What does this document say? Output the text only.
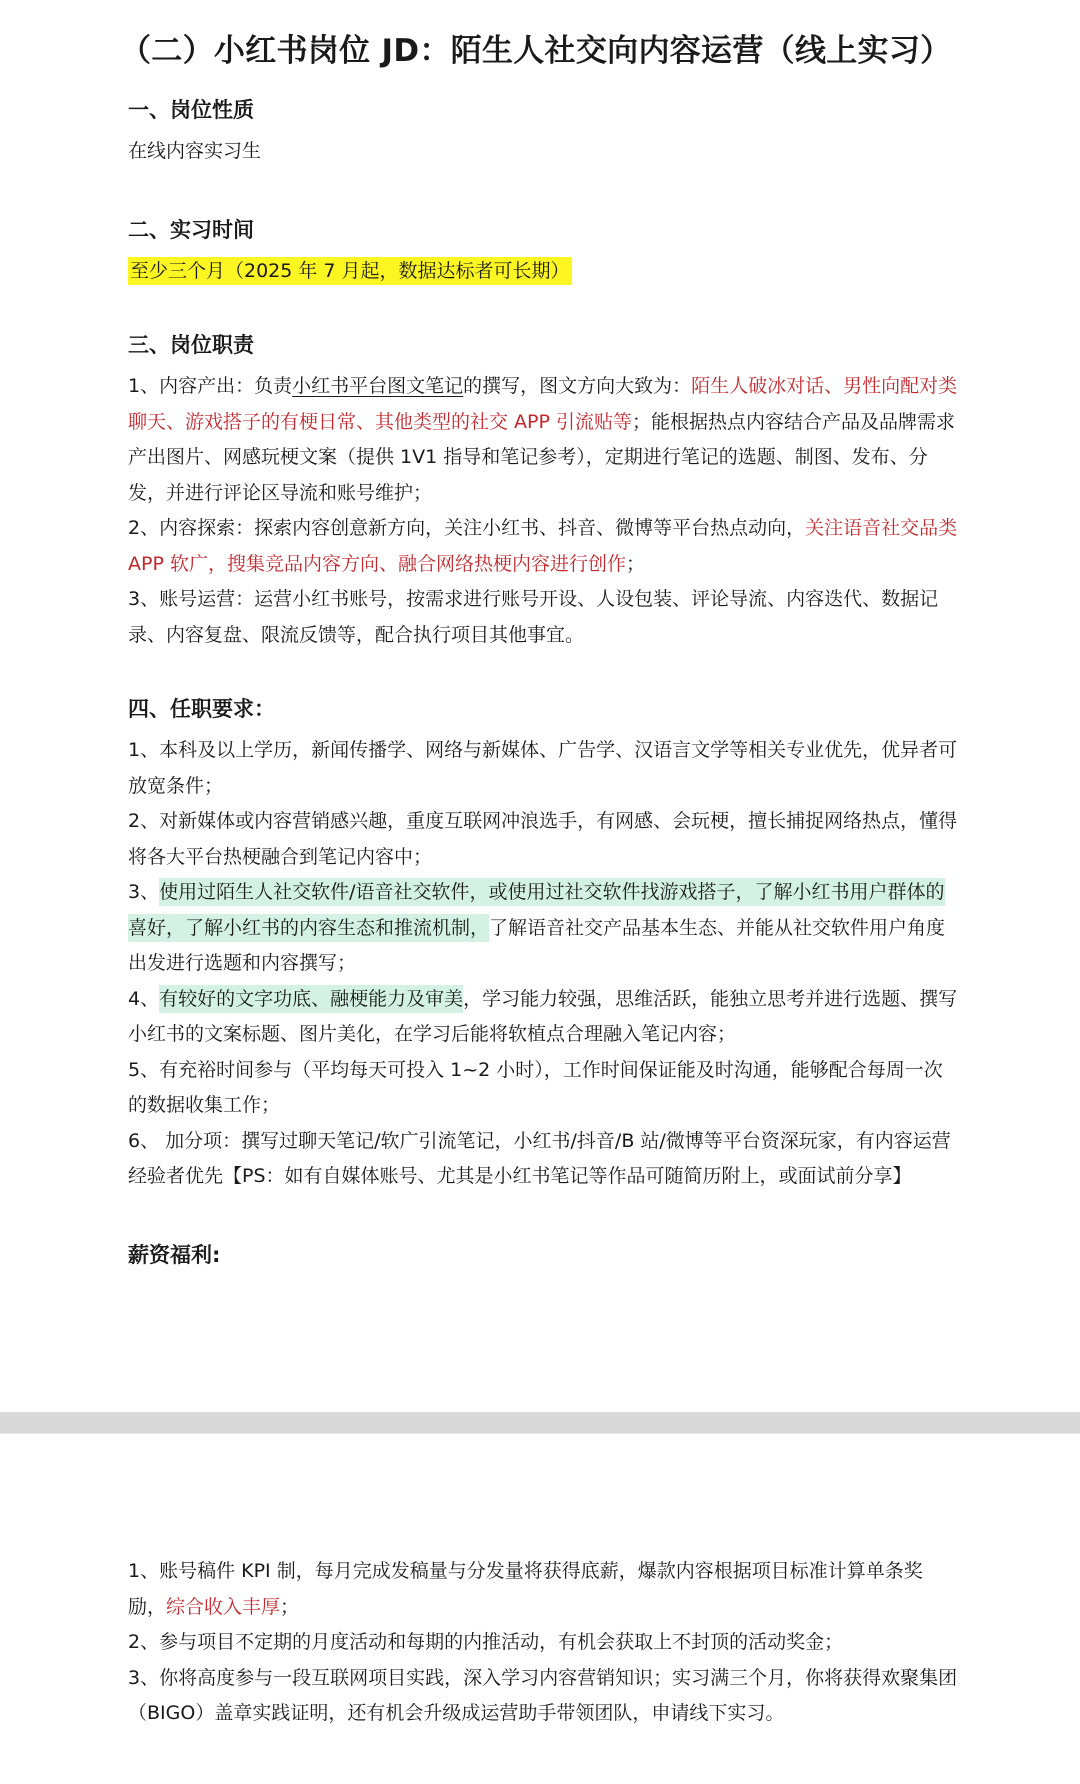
（二）小红书岗位 JD：陌生人社交向内容运营（线上实习）
一、岗位性质

在线内容实习生

二、实习时间

至少三个月（2025 年 7 月起，数据达标者可长期）

三、岗位职责

1、内容产出：负责小红书平台图文笔记的撰写，图文方向大致为：陌生人破冰对话、男性向配对类聊天、游戏搭子的有梗日常、其他类型的社交 APP 引流贴等；能根据热点内容结合产品及品牌需求产出图片、网感玩梗文案（提供 1V1 指导和笔记参考），定期进行笔记的选题、制图、发布、分发，并进行评论区导流和账号维护；

2、内容探索：探索内容创意新方向，关注小红书、抖音、微博等平台热点动向，关注语音社交品类 APP 软广，搜集竞品内容方向、融合网络热梗内容进行创作；

3、账号运营：运营小红书账号，按需求进行账号开设、人设包装、评论导流、内容迭代、数据记录、内容复盘、限流反馈等，配合执行项目其他事宜。

四、任职要求：

1、本科及以上学历，新闻传播学、网络与新媒体、广告学、汉语言文学等相关专业优先，优异者可放宽条件；

2、对新媒体或内容营销感兴趣，重度互联网冲浪选手，有网感、会玩梗，擅长捕捉网络热点，懂得将各大平台热梗融合到笔记内容中；

3、使用过陌生人社交软件/语音社交软件，或使用过社交软件找游戏搭子，了解小红书用户群体的喜好，了解小红书的内容生态和推流机制，了解语音社交产品基本生态、并能从社交软件用户角度出发进行选题和内容撰写；

4、有较好的文字功底、融梗能力及审美，学习能力较强，思维活跃，能独立思考并进行选题、撰写小红书的文案标题、图片美化，在学习后能将软植点合理融入笔记内容；

5、有充裕时间参与（平均每天可投入 1~2 小时），工作时间保证能及时沟通，能够配合每周一次的数据收集工作；

6、 加分项：撰写过聊天笔记/软广引流笔记，小红书/抖音/B 站/微博等平台资深玩家，有内容运营经验者优先【PS：如有自媒体账号、尤其是小红书笔记等作品可随简历附上，或面试前分享】

薪资福利:

1、账号稿件 KPI 制，每月完成发稿量与分发量将获得底薪，爆款内容根据项目标准计算单条奖励，综合收入丰厚；

2、参与项目不定期的月度活动和每期的内推活动，有机会获取上不封顶的活动奖金；

3、你将高度参与一段互联网项目实践，深入学习内容营销知识；实习满三个月，你将获得欢聚集团 （BIGO）盖章实践证明，还有机会升级成运营助手带领团队，申请线下实习。
